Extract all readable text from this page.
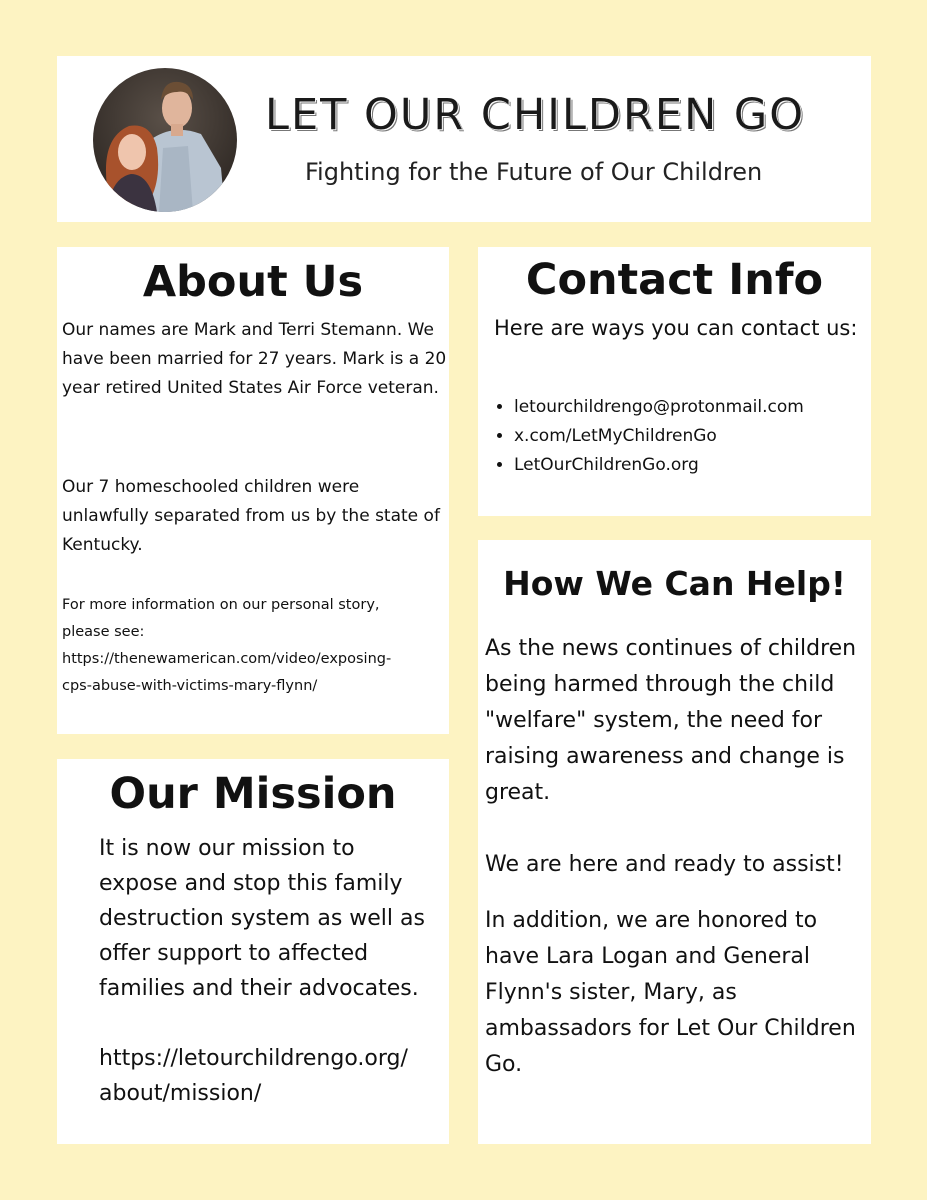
LET OUR CHILDREN GO
Fighting for the Future of Our Children
About Us
Our names are Mark and Terri Stemann. We have been married for 27 years. Mark is a 20 year retired United States Air Force veteran.
Our 7 homeschooled children were unlawfully separated from us by the state of Kentucky.
For more information on our personal story,
please see:
https://thenewamerican.com/video/exposing-
cps-abuse-with-victims-mary-flynn/
Our Mission
It is now our mission to expose and stop this family destruction system as well as offer support to affected families and their advocates.
https://letourchildrengo.org/
about/mission/
Contact Info
Here are ways you can contact us:
• letourchildrengo@protonmail.com
• x.com/LetMyChildrenGo
• LetOurChildrenGo.org
How We Can Help!
As the news continues of children being harmed through the child "welfare" system, the need for raising awareness and change is great.
We are here and ready to assist!
In addition, we are honored to have Lara Logan and General Flynn's sister, Mary, as ambassadors for Let Our Children Go.
